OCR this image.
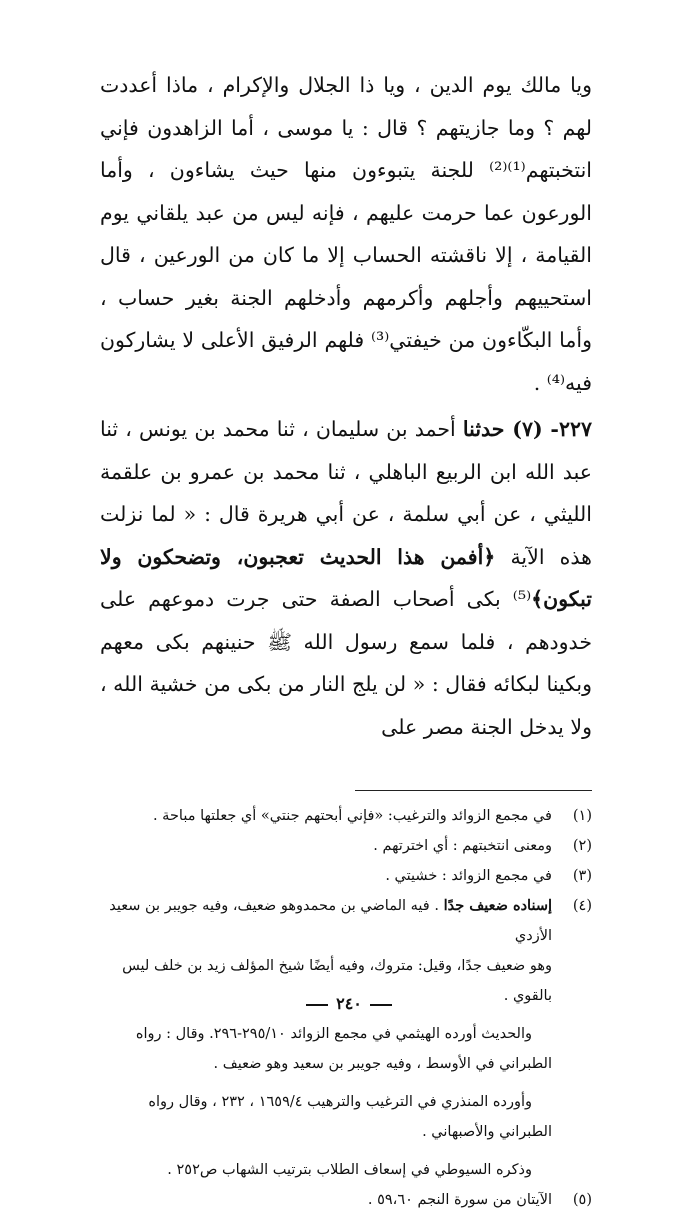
ويا مالك يوم الدين ، ويا ذا الجلال والإكرام ، ماذا أعددت لهم ؟ وما جازيتهم ؟ قال : يا موسى ، أما الزاهدون فإني انتخبتهم⁽¹⁾⁽²⁾ للجنة يتبوءون منها حيث يشاءون ، وأما الورعون عما حرمت عليهم ، فإنه ليس من عبد يلقاني يوم القيامة ، إلا ناقشته الحساب إلا ما كان من الورعين ، قال استحييهم وأجلهم وأكرمهم وأدخلهم الجنة بغير حساب ، وأما البكّاءون من خيفتي⁽³⁾ فلهم الرفيق الأعلى لا يشاركون فيه⁽⁴⁾ .

٢٢٧- (٧) حدثنا أحمد بن سليمان ، ثنا محمد بن يونس ، ثنا عبد الله ابن الربيع الباهلي ، ثنا محمد بن عمرو بن علقمة الليثي ، عن أبي سلمة ، عن أبي هريرة قال : « لما نزلت هذه الآية ﴿أفمن هذا الحديث تعجبون، وتضحكون ولا تبكون﴾⁽⁵⁾ بكى أصحاب الصفة حتى جرت دموعهم على خدودهم ، فلما سمع رسول الله ﷺ حنينهم بكى معهم وبكينا لبكائه فقال : « لن يلج النار من بكى من خشية الله ، ولا يدخل الجنة مصر على

(١)
في مجمع الزوائد والترغيب: «فإني أبحتهم جنتي» أي جعلتها مباحة .
(٢)
ومعنى انتخبتهم : أي اخترتهم .
(٣)
في مجمع الزوائد : خشيتي .
(٤)
إسناده ضعيف جدًا . فيه الماضي بن محمدوهو ضعيف، وفيه جويبر بن سعيد الأزدي
وهو ضعيف جدًا، وقيل: متروك، وفيه أيضًا شيخ المؤلف زيد بن خلف ليس بالقوي .
والحديث أورده الهيثمي في مجمع الزوائد ٢٩٥/١٠-٢٩٦. وقال : رواه الطبراني في الأوسط ، وفيه جويبر بن سعيد وهو ضعيف .
وأورده المنذري في الترغيب والترهيب ١٦٥٩/٤ ، ٢٣٢ ، وقال رواه الطبراني والأصبهاني .
وذكره السيوطي في إسعاف الطلاب بترتيب الشهاب ص٢٥٢ .
(٥)
الآيتان من سورة النجم ٥٩،٦٠ .
٢٤٠
